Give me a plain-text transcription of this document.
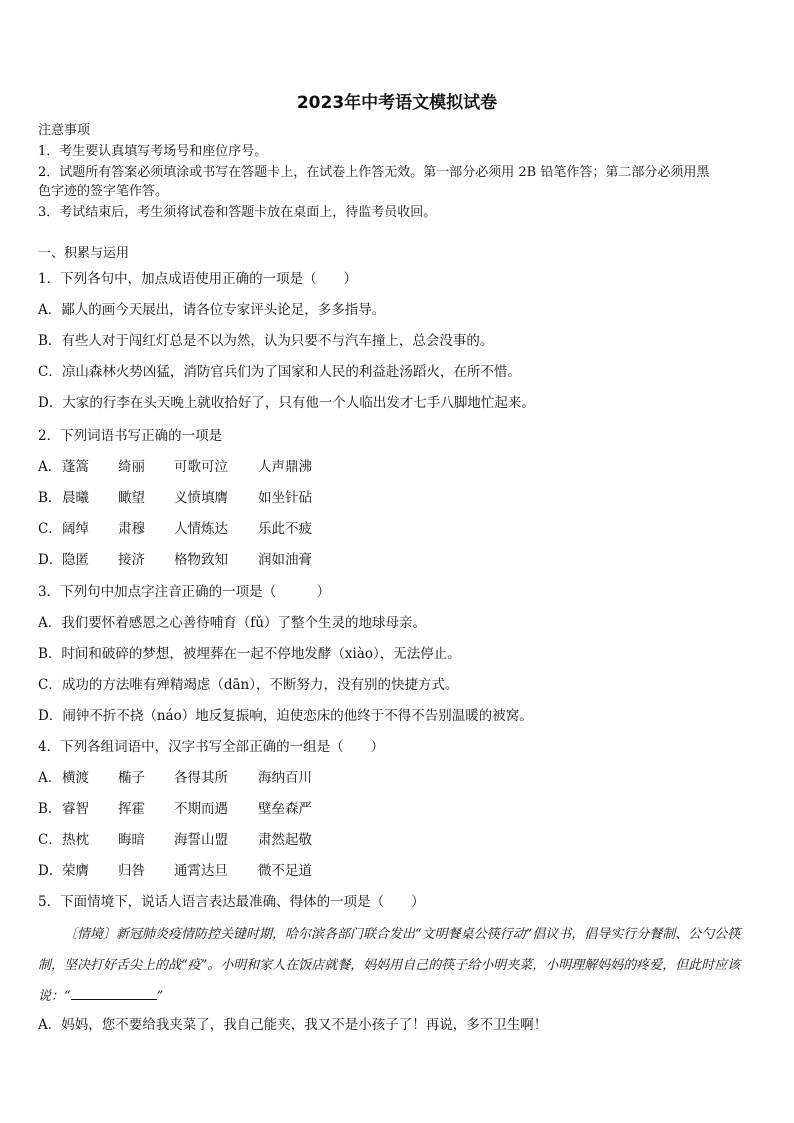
2023年中考语文模拟试卷
注意事项
1．考生要认真填写考场号和座位序号。
2．试题所有答案必须填涂或书写在答题卡上，在试卷上作答无效。第一部分必须用 2B 铅笔作答；第二部分必须用黑
色字迹的签字笔作答。
3．考试结束后，考生须将试卷和答题卡放在桌面上，待监考员收回。
一、积累与运用
1．下列各句中，加点成语使用正确的一项是（　　）
A．鄙人的画今天展出，请各位专家评头论足，多多指导。
B．有些人对于闯红灯总是不以为然，认为只要不与汽车撞上，总会没事的。
C．凉山森林火势凶猛，消防官兵们为了国家和人民的利益赴汤蹈火，在所不惜。
D．大家的行李在头天晚上就收拾好了，只有他一个人临出发才七手八脚地忙起来。
2．下列词语书写正确的一项是
A． 蓬篙 绮丽 可歌可泣 人声鼎沸
B． 晨曦 瞰望 义愤填膺 如坐针砧
C． 阔绰 肃穆 人情炼达 乐此不疲
D． 隐匿 接济 格物致知 润如油膏
3．下列句中加点字注音正确的一项是（　　　）
A．我们要怀着感恩之心善待哺育（fǔ）了整个生灵的地球母亲。
B．时间和破碎的梦想，被埋葬在一起不停地发酵（xiào），无法停止。
C．成功的方法唯有殚精竭虑（dān），不断努力，没有别的快捷方式。
D．闹钟不折不挠（náo）地反复振响，迫使恋床的他终于不得不告别温暖的被窝。
4．下列各组词语中，汉字书写全部正确的一组是（　　）
A． 横渡 椭子 各得其所 海纳百川
B． 睿智 挥霍 不期而遇 壁垒森严
C． 热枕 晦暗 海誓山盟 肃然起敬
D． 荣膺 归咎 通霄达旦 微不足道
5．下面情境下，说话人语言表达最准确、得体的一项是（　　）
〔情境〕新冠肺炎疫情防控关键时期，哈尔滨各部门联合发出“文明餐桌公筷行动”倡议书，倡导实行分餐制、公勺公筷制，坚决打好舌尖上的战“疫”。小明和家人在饭店就餐，妈妈用自己的筷子给小明夹菜，小明理解妈妈的疼爱，但此时应该说：“	”
A．妈妈，您不要给我夹菜了，我自己能夹，我又不是小孩子了！再说，多不卫生啊！
